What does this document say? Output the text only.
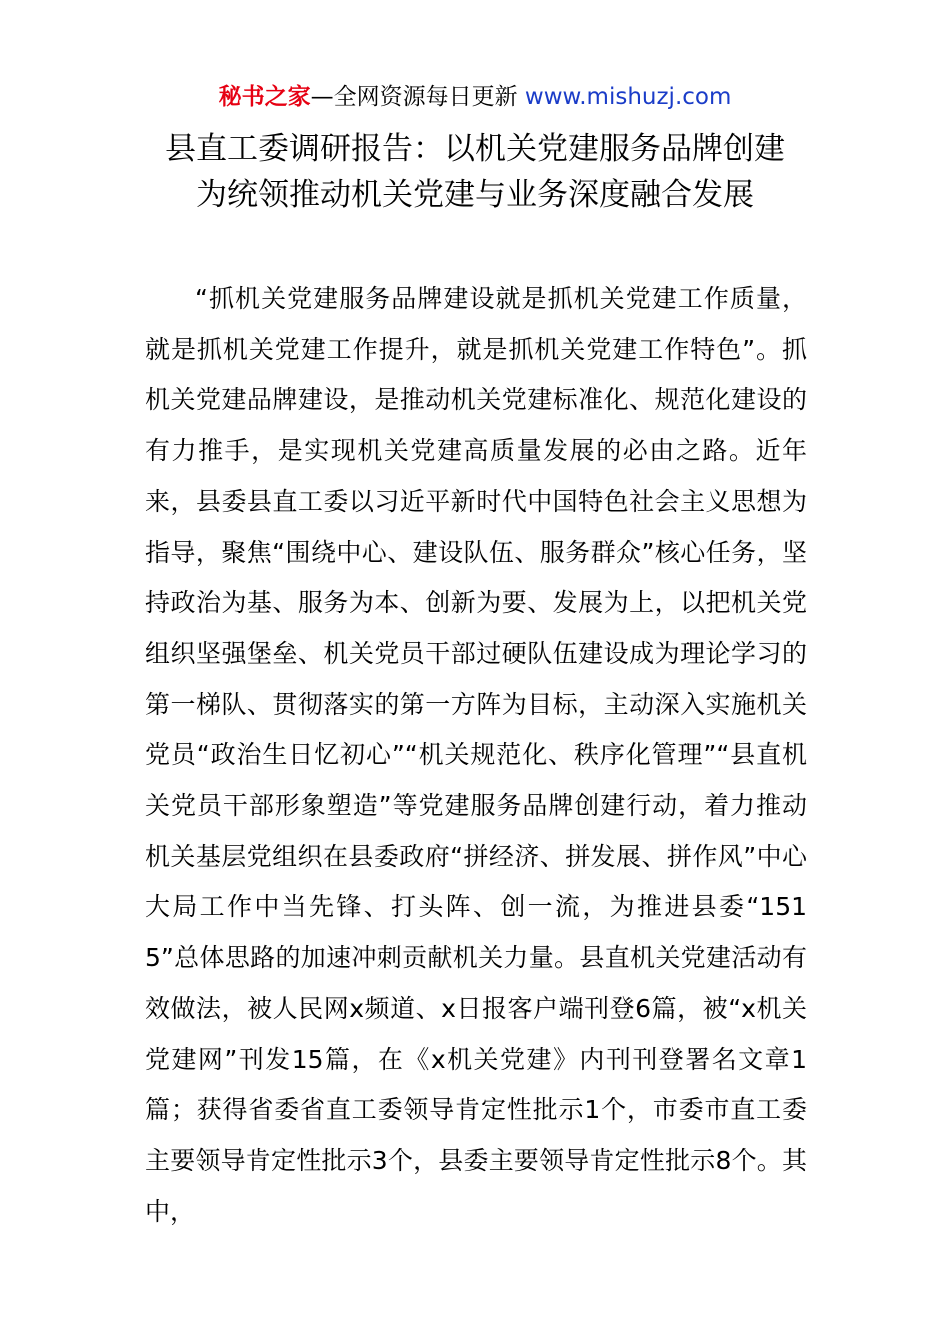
秘书之家—全网资源每日更新 www.mishuzj.com
县直工委调研报告：以机关党建服务品牌创建
为统领推动机关党建与业务深度融合发展

“抓机关党建服务品牌建设就是抓机关党建工作质量，就是抓机关党建工作提升，就是抓机关党建工作特色”。抓机关党建品牌建设，是推动机关党建标准化、规范化建设的有力推手，是实现机关党建高质量发展的必由之路。近年来，县委县直工委以习近平新时代中国特色社会主义思想为指导，聚焦“围绕中心、建设队伍、服务群众”核心任务，坚持政治为基、服务为本、创新为要、发展为上，以把机关党组织坚强堡垒、机关党员干部过硬队伍建设成为理论学习的第一梯队、贯彻落实的第一方阵为目标，主动深入实施机关党员“政治生日忆初心”“机关规范化、秩序化管理”“县直机关党员干部形象塑造”等党建服务品牌创建行动，着力推动机关基层党组织在县委政府“拼经济、拼发展、拼作风”中心大局工作中当先锋、打头阵、创一流，为推进县委“1515”总体思路的加速冲刺贡献机关力量。县直机关党建活动有效做法，被人民网x频道、x日报客户端刊登6篇，被“x机关党建网”刊发15篇，在《x机关党建》内刊刊登署名文章1篇；获得省委省直工委领导肯定性批示1个，市委市直工委主要领导肯定性批示3个，县委主要领导肯定性批示8个。其中，
